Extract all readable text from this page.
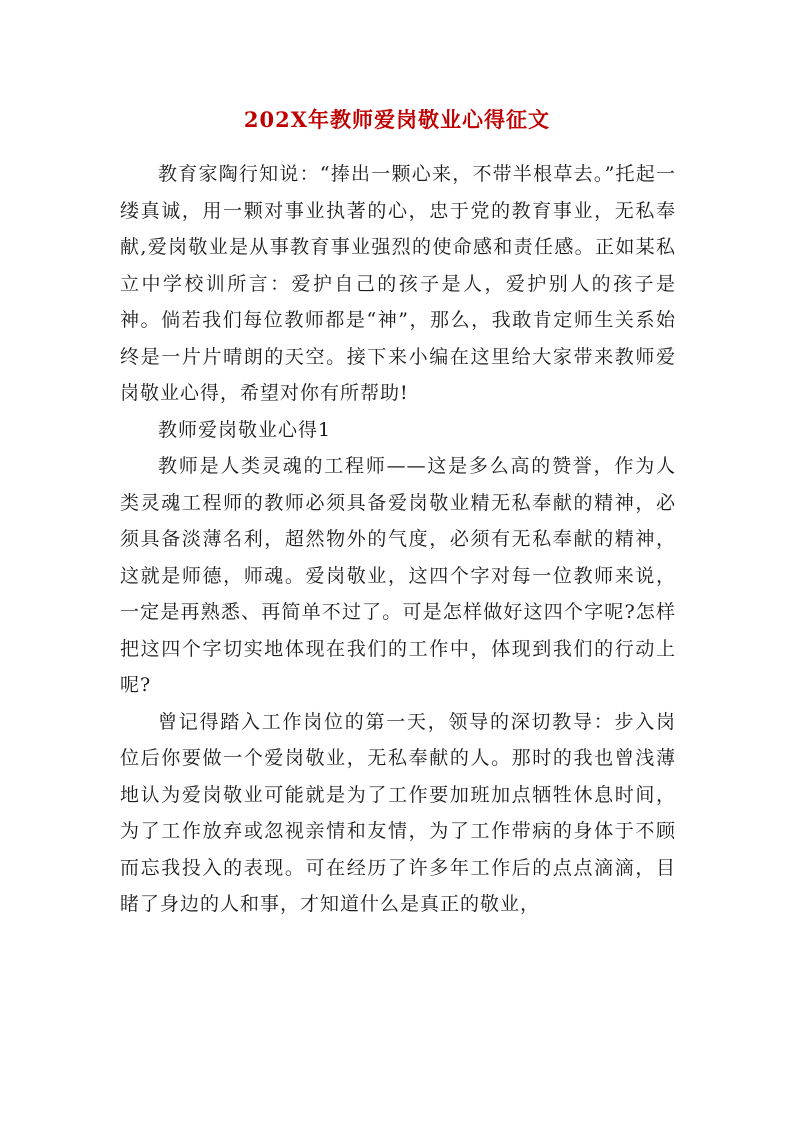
202X年教师爱岗敬业心得征文

教育家陶行知说：“捧出一颗心来，不带半根草去。”托起一缕真诚，用一颗对事业执著的心，忠于党的教育事业，无私奉献,爱岗敬业是从事教育事业强烈的使命感和责任感。正如某私立中学校训所言：爱护自己的孩子是人，爱护别人的孩子是神。倘若我们每位教师都是“神”，那么，我敢肯定师生关系始终是一片片晴朗的天空。接下来小编在这里给大家带来教师爱岗敬业心得，希望对你有所帮助!

教师爱岗敬业心得1

教师是人类灵魂的工程师——这是多么高的赞誉，作为人类灵魂工程师的教师必须具备爱岗敬业精无私奉献的精神，必须具备淡薄名利，超然物外的气度，必须有无私奉献的精神，这就是师德，师魂。爱岗敬业，这四个字对每一位教师来说，一定是再熟悉、再简单不过了。可是怎样做好这四个字呢?怎样把这四个字切实地体现在我们的工作中，体现到我们的行动上呢?

曾记得踏入工作岗位的第一天，领导的深切教导：步入岗位后你要做一个爱岗敬业，无私奉献的人。那时的我也曾浅薄地认为爱岗敬业可能就是为了工作要加班加点牺牲休息时间，为了工作放弃或忽视亲情和友情，为了工作带病的身体于不顾而忘我投入的表现。可在经历了许多年工作后的点点滴滴，目睹了身边的人和事，才知道什么是真正的敬业，
